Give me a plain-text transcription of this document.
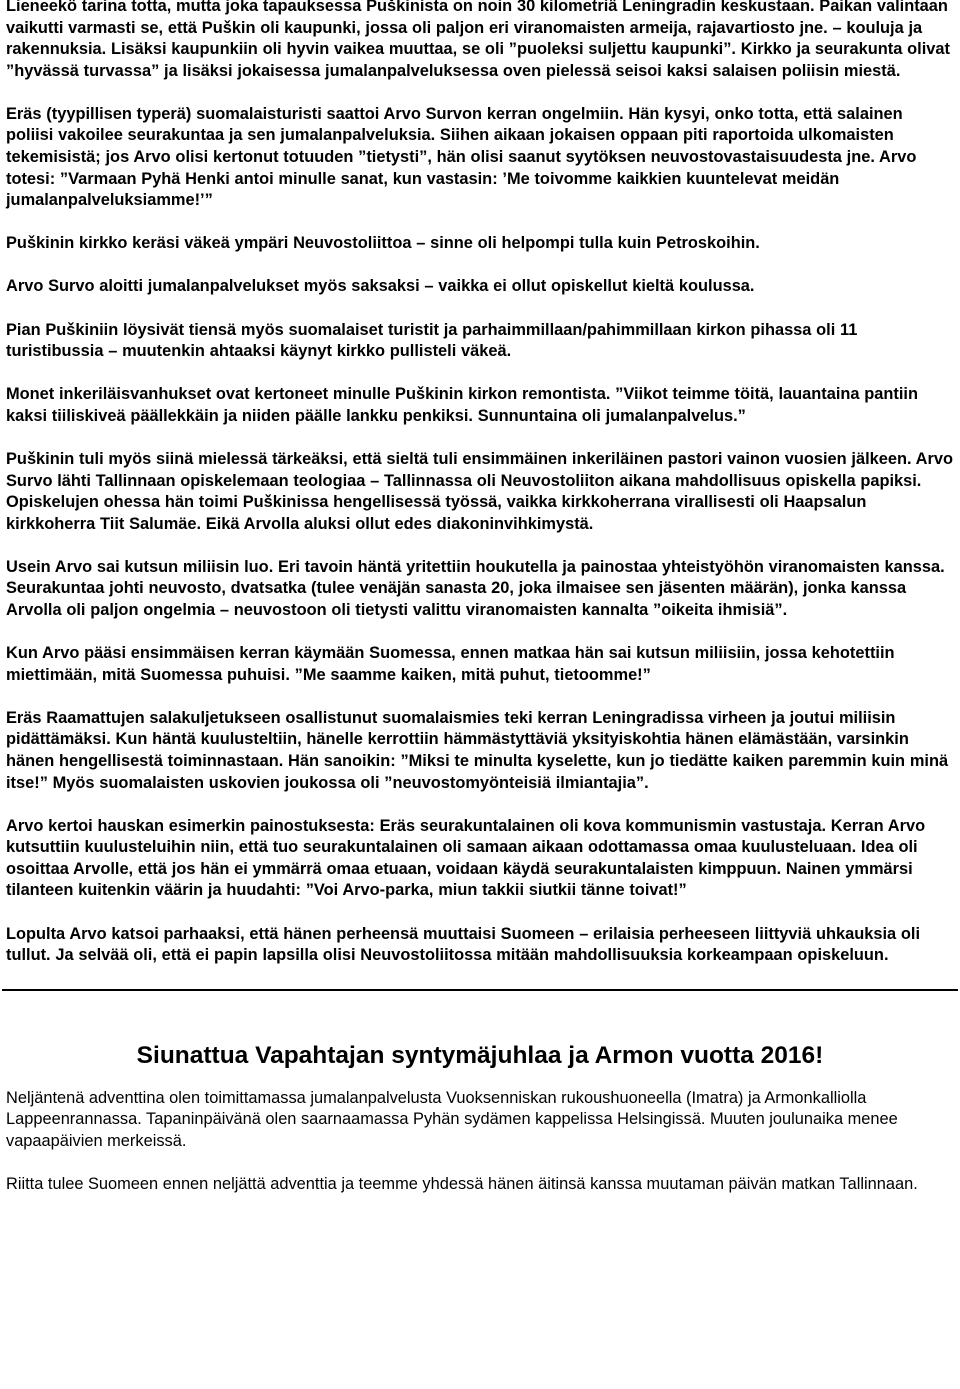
Lieneekö tarina totta, mutta joka tapauksessa Puškinista on noin 30 kilometriä Leningradin keskustaan. Paikan valintaan vaikutti varmasti se, että Puškin oli kaupunki, jossa oli paljon eri viranomaisten armeija, rajavartiosto jne. – kouluja ja rakennuksia. Lisäksi kaupunkiin oli hyvin vaikea muuttaa, se oli ”puoleksi suljettu kaupunki”. Kirkko ja seurakunta olivat ”hyvässä turvassa” ja lisäksi jokaisessa jumalanpalveluksessa oven pielessä seisoi kaksi salaisen poliisin miestä.

Eräs (tyypillisen typerä) suomalaisturisti saattoi Arvo Survon kerran ongelmiin. Hän kysyi, onko totta, että salainen poliisi vakoilee seurakuntaa ja sen jumalanpalveluksia. Siihen aikaan jokaisen oppaan piti raportoida ulkomaisten tekemisistä; jos Arvo olisi kertonut totuuden ”tietysti”, hän olisi saanut syytöksen neuvostovastaisuudesta jne. Arvo totesi: ”Varmaan Pyhä Henki antoi minulle sanat, kun vastasin: ’Me toivomme kaikkien kuuntelevat meidän jumalanpalveluksiamme!’”

Puškinin kirkko keräsi väkeä ympäri Neuvostoliittoa – sinne oli helpompi tulla kuin Petroskoihin.

Arvo Survo aloitti jumalanpalvelukset myös saksaksi – vaikka ei ollut opiskellut kieltä koulussa.

Pian Puškiniin löysivät tiensä myös suomalaiset turistit ja parhaimmillaan/pahimmillaan kirkon pihassa oli 11 turistibussia – muutenkin ahtaaksi käynyt kirkko pullisteli väkeä.

Monet inkeriläisvanhukset ovat kertoneet minulle Puškinin kirkon remontista. ”Viikot teimme töitä, lauantaina pantiin kaksi tiiliskiveä päällekkäin ja niiden päälle lankku penkiksi. Sunnuntaina oli jumalanpalvelus.”

Puškinin tuli myös siinä mielessä tärkeäksi, että sieltä tuli ensimmäinen inkeriläinen pastori vainon vuosien jälkeen. Arvo Survo lähti Tallinnaan opiskelemaan teologiaa – Tallinnassa oli Neuvostoliiton aikana mahdollisuus opiskella papiksi. Opiskelujen ohessa hän toimi Puškinissa hengellisessä työssä, vaikka kirkkoherrana virallisesti oli Haapsalun kirkkoherra Tiit Salumäe. Eikä Arvolla aluksi ollut edes diakoninvihkimystä.

Usein Arvo sai kutsun miliisin luo. Eri tavoin häntä yritettiin houkutella ja painostaa yhteistyöhön viranomaisten kanssa. Seurakuntaa johti neuvosto, dvatsatka (tulee venäjän sanasta 20, joka ilmaisee sen jäsenten määrän), jonka kanssa Arvolla oli paljon ongelmia – neuvostoon oli tietysti valittu viranomaisten kannalta ”oikeita ihmisiä”.

Kun Arvo pääsi ensimmäisen kerran käymään Suomessa, ennen matkaa hän sai kutsun miliisiin, jossa kehotettiin miettimään, mitä Suomessa puhuisi. ”Me saamme kaiken, mitä puhut, tietoomme!”

Eräs Raamattujen salakuljetukseen osallistunut suomalaismies teki kerran Leningradissa virheen ja joutui miliisin pidättämäksi. Kun häntä kuulusteltiin, hänelle kerrottiin hämmästyttäviä yksityiskohtia hänen elämästään, varsinkin hänen hengellisestä toiminnastaan. Hän sanoikin: ”Miksi te minulta kyselette, kun jo tiedätte kaiken paremmin kuin minä itse!” Myös suomalaisten uskovien joukossa oli ”neuvostomyönteisiä ilmiantajia”.

Arvo kertoi hauskan esimerkin painostuksesta: Eräs seurakuntalainen oli kova kommunismin vastustaja. Kerran Arvo kutsuttiin kuulusteluihin niin, että tuo seurakuntalainen oli samaan aikaan odottamassa omaa kuulusteluaan. Idea oli osoittaa Arvolle, että jos hän ei ymmärrä omaa etuaan, voidaan käydä seurakuntalaisten kimppuun. Nainen ymmärsi tilanteen kuitenkin väärin ja huudahti: ”Voi Arvo-parka, miun takkii siutkii tänne toivat!”

Lopulta Arvo katsoi parhaaksi, että hänen perheensä muuttaisi Suomeen – erilaisia perheeseen liittyviä uhkauksia oli tullut. Ja selvää oli, että ei papin lapsilla olisi Neuvostoliitossa mitään mahdollisuuksia korkeampaan opiskeluun.

Siunattua Vapahtajan syntymäjuhlaa ja Armon vuotta 2016!

Neljäntenä adventtina olen toimittamassa jumalanpalvelusta Vuoksenniskan rukoushuoneella (Imatra) ja Armonkalliolla Lappeenrannassa. Tapaninpäivänä olen saarnaamassa Pyhän sydämen kappelissa Helsingissä. Muuten joulunaika menee vapaapäivien merkeissä.

Riitta tulee Suomeen ennen neljättä adventtia ja teemme yhdessä hänen äitinsä kanssa muutaman päivän matkan Tallinnaan.
